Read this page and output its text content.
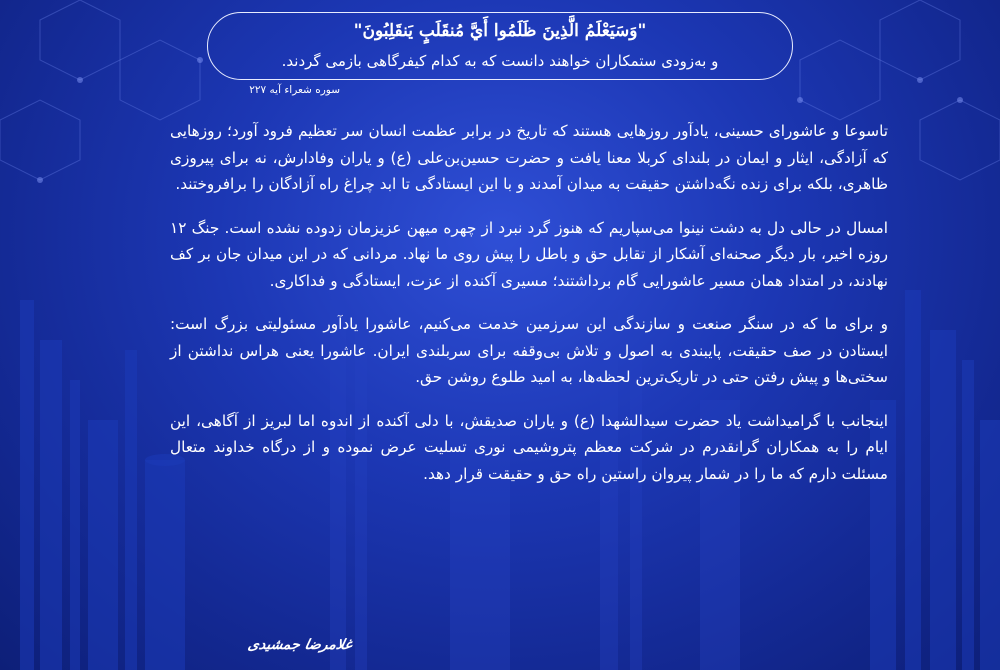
"وَسَيَعْلَمُ الَّذِينَ ظَلَمُوا أَيَّ مُنقَلَبٍ يَنقَلِبُونَ"
و به‌زودی ستمکاران خواهند دانست که به کدام کیفرگاهی بازمی گردند.
سوره شعراء آیه ۲۲۷

تاسوعا و عاشورای حسینی، یادآور روزهایی هستند که تاریخ در برابر عظمت انسان سر تعظیم فرود آورد؛ روزهایی که آزادگی، ایثار و ایمان در بلندای کربلا معنا یافت و حضرت حسین‌بن‌علی (ع) و یاران وفادارش، نه برای پیروزی ظاهری، بلکه برای زنده نگه‌داشتن حقیقت به میدان آمدند و با این ایستادگی تا ابد چراغ راه آزادگان را برافروختند.

امسال در حالی دل به دشت نینوا می‌سپاریم که هنوز گرد نبرد از چهره میهن عزیزمان زدوده نشده است. جنگ ۱۲ روزه اخیر، بار دیگر صحنه‌ای آشکار از تقابل حق و باطل را پیش روی ما نهاد. مردانی که در این میدان جان بر کف نهادند، در امتداد همان مسیر عاشورایی گام برداشتند؛ مسیری آکنده از عزت، ایستادگی و فداکاری.

و برای ما که در سنگر صنعت و سازندگی این سرزمین خدمت می‌کنیم، عاشورا یادآور مسئولیتی بزرگ است: ایستادن در صف حقیقت، پایبندی به اصول و تلاش بی‌وقفه برای سربلندی ایران. عاشورا یعنی هراس نداشتن از سختی‌ها و پیش رفتن حتی در تاریک‌ترین لحظه‌ها، به امید طلوع روشن حق.

اینجانب با گرامیداشت یاد حضرت سیدالشهدا (ع) و یاران صدیقش، با دلی آکنده از اندوه اما لبریز از آگاهی، این ایام را به همکاران گرانقدرم در شرکت معظم پتروشیمی نوری تسلیت عرض نموده و از درگاه خداوند متعال مسئلت دارم که ما را در شمار پیروان راستین راه حق و حقیقت قرار دهد.

غلامرضا جمشیدی
